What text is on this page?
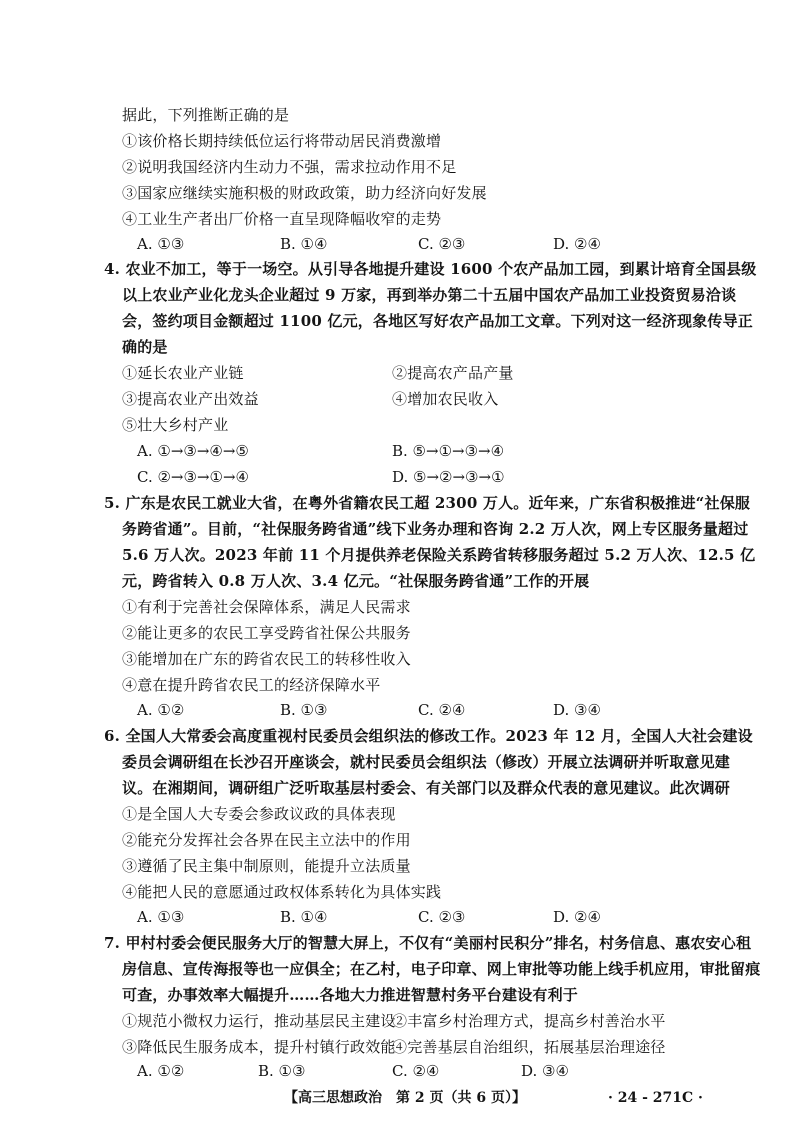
据此，下列推断正确的是
①该价格长期持续低位运行将带动居民消费激增
②说明我国经济内生动力不强，需求拉动作用不足
③国家应继续实施积极的财政政策，助力经济向好发展
④工业生产者出厂价格一直呈现降幅收窄的走势
A. ①③	B. ①④	C. ②③	D. ②④
4. 农业不加工，等于一场空。从引导各地提升建设 1600 个农产品加工园，到累计培育全国县级
以上农业产业化龙头企业超过 9 万家，再到举办第二十五届中国农产品加工业投资贸易洽谈
会，签约项目金额超过 1100 亿元，各地区写好农产品加工文章。下列对这一经济现象传导正
确的是
①延长农业产业链	②提高农产品产量
③提高农业产出效益	④增加农民收入
⑤壮大乡村产业
A. ①→③→④→⑤	B. ⑤→①→③→④
C. ②→③→①→④	D. ⑤→②→③→①
5. 广东是农民工就业大省，在粤外省籍农民工超 2300 万人。近年来，广东省积极推进“社保服
务跨省通”。目前，“社保服务跨省通”线下业务办理和咨询 2.2 万人次，网上专区服务量超过
5.6 万人次。2023 年前 11 个月提供养老保险关系跨省转移服务超过 5.2 万人次、12.5 亿
元，跨省转入 0.8 万人次、3.4 亿元。“社保服务跨省通”工作的开展
①有利于完善社会保障体系，满足人民需求
②能让更多的农民工享受跨省社保公共服务
③能增加在广东的跨省农民工的转移性收入
④意在提升跨省农民工的经济保障水平
A. ①②	B. ①③	C. ②④	D. ③④
6. 全国人大常委会高度重视村民委员会组织法的修改工作。2023 年 12 月，全国人大社会建设
委员会调研组在长沙召开座谈会，就村民委员会组织法（修改）开展立法调研并听取意见建
议。在湘期间，调研组广泛听取基层村委会、有关部门以及群众代表的意见建议。此次调研
①是全国人大专委会参政议政的具体表现
②能充分发挥社会各界在民主立法中的作用
③遵循了民主集中制原则，能提升立法质量
④能把人民的意愿通过政权体系转化为具体实践
A. ①③	B. ①④	C. ②③	D. ②④
7. 甲村村委会便民服务大厅的智慧大屏上，不仅有“美丽村民积分”排名，村务信息、惠农安心租
房信息、宣传海报等也一应俱全；在乙村，电子印章、网上审批等功能上线手机应用，审批留痕
可查，办事效率大幅提升……各地大力推进智慧村务平台建设有利于
①规范小微权力运行，推动基层民主建设
②丰富乡村治理方式，提高乡村善治水平
③降低民生服务成本，提升村镇行政效能
④完善基层自治组织，拓展基层治理途径
A. ①②	B. ①③	C. ②④	D. ③④
【高三思想政治　第 2 页（共 6 页）】	· 24 - 271C ·
